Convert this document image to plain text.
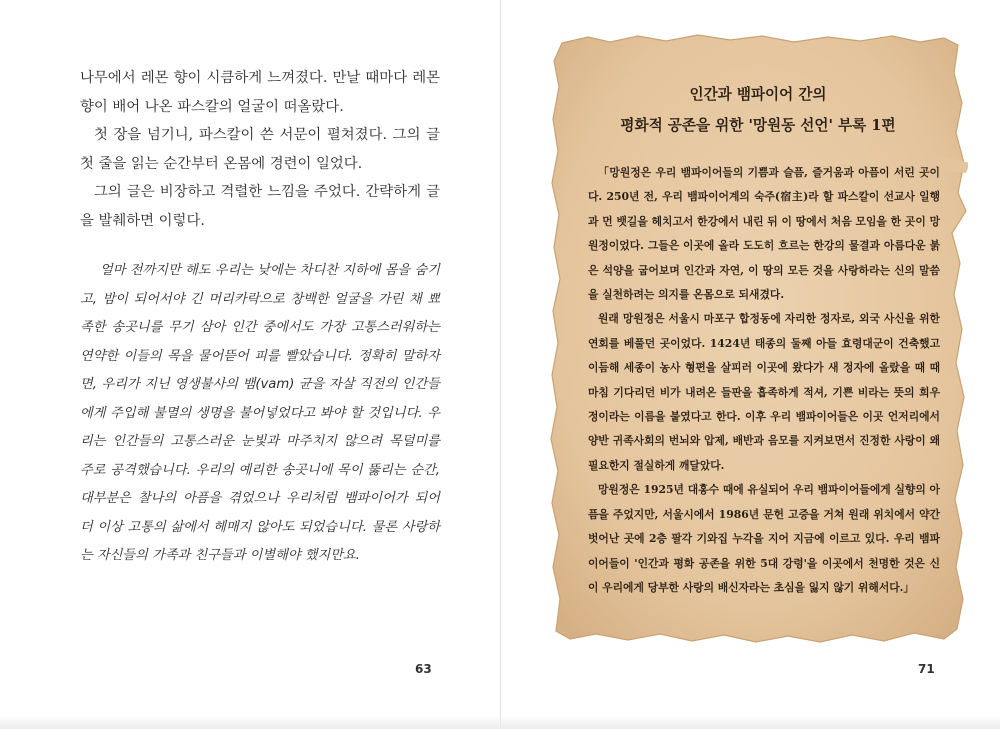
나무에서 레몬 향이 시큼하게 느껴졌다. 만날 때마다 레몬 향이 배어 나온 파스칼의 얼굴이 떠올랐다.

첫 장을 넘기니, 파스칼이 쓴 서문이 펼쳐졌다. 그의 글 첫 줄을 읽는 순간부터 온몸에 경련이 일었다.

그의 글은 비장하고 격렬한 느낌을 주었다. 간략하게 글을 발췌하면 이렇다.

얼마 전까지만 해도 우리는 낮에는 차디찬 지하에 몸을 숨기고, 밤이 되어서야 긴 머리카락으로 창백한 얼굴을 가린 채 뾰족한 송곳니를 무기 삼아 인간 중에서도 가장 고통스러워하는 연약한 이들의 목을 물어뜯어 피를 빨았습니다. 정확히 말하자면, 우리가 지닌 영생불사의 뱀(vam) 균을 자살 직전의 인간들에게 주입해 불멸의 생명을 불어넣었다고 봐야 할 것입니다. 우리는 인간들의 고통스러운 눈빛과 마주치지 않으려 목덜미를 주로 공격했습니다. 우리의 예리한 송곳니에 목이 뚫리는 순간, 대부분은 찰나의 아픔을 겪었으나 우리처럼 뱀파이어가 되어 더 이상 고통의 삶에서 헤매지 않아도 되었습니다. 물론 사랑하는 자신들의 가족과 친구들과 이별해야 했지만요.

63
인간과 뱀파이어 간의
평화적 공존을 위한 '망원동 선언' 부록 1편

「망원정은 우리 뱀파이어들의 기쁨과 슬픔, 즐거움과 아픔이 서린 곳이다. 250년 전, 우리 뱀파이어계의 숙주(宿主)라 할 파스칼이 선교사 일행과 먼 뱃길을 헤치고서 한강에서 내린 뒤 이 땅에서 처음 모임을 한 곳이 망원정이었다. 그들은 이곳에 올라 도도히 흐르는 한강의 물결과 아름다운 붉은 석양을 굽어보며 인간과 자연, 이 땅의 모든 것을 사랑하라는 신의 말씀을 실천하려는 의지를 온몸으로 되새겼다.

원래 망원정은 서울시 마포구 합정동에 자리한 정자로, 외국 사신을 위한 연회를 베풀던 곳이었다. 1424년 태종의 둘째 아들 효령대군이 건축했고 이듬해 세종이 농사 형편을 살피러 이곳에 왔다가 새 정자에 올랐을 때 때마침 기다리던 비가 내려온 들판을 흡족하게 적셔, 기쁜 비라는 뜻의 희우정이라는 이름을 붙였다고 한다. 이후 우리 뱀파이어들은 이곳 언저리에서 양반 귀족사회의 번뇌와 압제, 배반과 음모를 지켜보면서 진정한 사랑이 왜 필요한지 절실하게 깨달았다.

망원정은 1925년 대홍수 때에 유실되어 우리 뱀파이어들에게 실향의 아픔을 주었지만, 서울시에서 1986년 문헌 고증을 거쳐 원래 위치에서 약간 벗어난 곳에 2층 팔각 기와집 누각을 지어 지금에 이르고 있다. 우리 뱀파이어들이 '인간과 평화 공존을 위한 5대 강령'을 이곳에서 천명한 것은 신이 우리에게 당부한 사랑의 배신자라는 초심을 잃지 않기 위해서다.」

71
